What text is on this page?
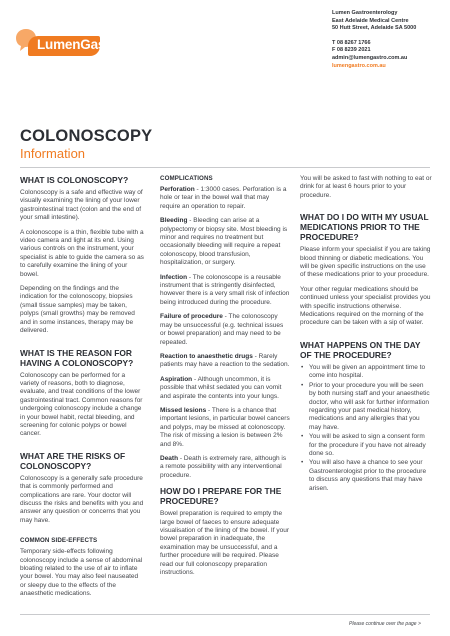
LumenGastro
Lumen Gastroenterology
East Adelaide Medical Centre
50 Hutt Street, Adelaide SA 5000
T 08 8267 1766
F 08 8239 2021
admin@lumengastro.com.au
lumengastro.com.au
COLONOSCOPY
Information
WHAT IS COLONOSCOPY?

Colonoscopy is a safe and effective way of visually examining the lining of your lower gastrointestinal tract (colon and the end of your small intestine).

A colonoscope is a thin, flexible tube with a video camera and light at its end. Using various controls on the instrument, your specialist is able to guide the camera so as to carefully examine the lining of your bowel.

Depending on the findings and the indication for the colonoscopy, biopsies (small tissue samples) may be taken, polyps (small growths) may be removed and in some instances, therapy may be delivered.

WHAT IS THE REASON FOR HAVING A COLONOSCOPY?

Colonoscopy can be performed for a variety of reasons, both to diagnose, evaluate, and treat conditions of the lower gastrointestinal tract. Common reasons for undergoing colonoscopy include a change in your bowel habit, rectal bleeding, and screening for colonic polyps or bowel cancer.

WHAT ARE THE RISKS OF COLONOSCOPY?

Colonoscopy is a generally safe procedure that is commonly performed and complications are rare. Your doctor will discuss the risks and benefits with you and answer any question or concerns that you may have.

COMMON SIDE-EFFECTS

Temporary side-effects following colonoscopy include a sense of abdominal bloating related to the use of air to inflate your bowel. You may also feel nauseated or sleepy due to the effects of the anaesthetic medications.

COMPLICATIONS

Perforation - 1:3000 cases. Perforation is a hole or tear in the bowel wall that may require an operation to repair.

Bleeding - Bleeding can arise at a polypectomy or biopsy site. Most bleeding is minor and requires no treatment but occasionally bleeding will require a repeat colonoscopy, blood transfusion, hospitalization, or surgery.

Infection - The colonoscope is a reusable instrument that is stringently disinfected, however there is a very small risk of infection being introduced during the procedure.

Failure of procedure - The colonoscopy may be unsuccessful (e.g. technical issues or bowel preparation) and may need to be repeated.

Reaction to anaesthetic drugs - Rarely patients may have a reaction to the sedation.

Aspiration - Although uncommon, it is possible that whilst sedated you can vomit and aspirate the contents into your lungs.

Missed lesions - There is a chance that important lesions, in particular bowel cancers and polyps, may be missed at colonoscopy. The risk of missing a lesion is between 2% and 8%.

Death - Death is extremely rare, although is a remote possibility with any interventional procedure.

HOW DO I PREPARE FOR THE PROCEDURE?

Bowel preparation is required to empty the large bowel of faeces to ensure adequate visualisation of the lining of the bowel. If your bowel preparation in inadequate, the examination may be unsuccessful, and a further procedure will be required. Please read our full colonoscopy preparation instructions.

You will be asked to fast with nothing to eat or drink for at least 6 hours prior to your procedure.

WHAT DO I DO WITH MY USUAL MEDICATIONS PRIOR TO THE PROCEDURE?

Please inform your specialist if you are taking blood thinning or diabetic medications. You will be given specific instructions on the use of these medications prior to your procedure.

Your other regular medications should be continued unless your specialist provides you with specific instructions otherwise. Medications required on the morning of the procedure can be taken with a sip of water.

WHAT HAPPENS ON THE DAY OF THE PROCEDURE?
• You will be given an appointment time to come into hospital.
• Prior to your procedure you will be seen by both nursing staff and your anaesthetic doctor, who will ask for further information regarding your past medical history, medications and any allergies that you may have.
• You will be asked to sign a consent form for the procedure if you have not already done so.
• You will also have a chance to see your Gastroenterologist prior to the procedure to discuss any questions that may have arisen.
Please continue over the page >
